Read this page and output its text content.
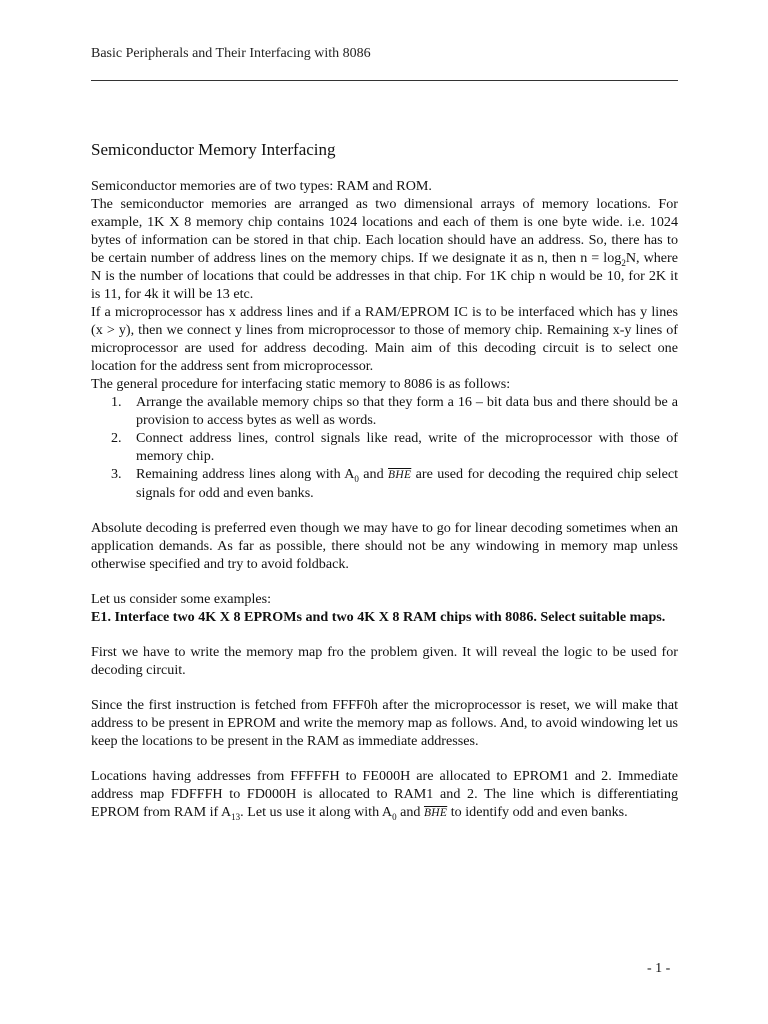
Basic Peripherals and Their Interfacing with 8086
Semiconductor Memory Interfacing

Semiconductor memories are of two types: RAM and ROM.

The semiconductor memories are arranged as two dimensional arrays of memory locations. For example, 1K X 8 memory chip contains 1024 locations and each of them is one byte wide. i.e. 1024 bytes of information can be stored in that chip. Each location should have an address. So, there has to be certain number of address lines on the memory chips. If we designate it as n, then $n = \log_2N$, where N is the number of locations that could be addresses in that chip. For 1K chip n would be 10, for 2K it is 11, for 4k it will be 13 etc.

If a microprocessor has x address lines and if a RAM/EPROM IC is to be interfaced which has y lines (x > y), then we connect y lines from microprocessor to those of memory chip. Remaining x-y lines of microprocessor are used for address decoding. Main aim of this decoding circuit is to select one location for the address sent from microprocessor.

The general procedure for interfacing static memory to 8086 is as follows:

1. Arrange the available memory chips so that they form a 16 – bit data bus and there should be a provision to access bytes as well as words.
2. Connect address lines, control signals like read, write of the microprocessor with those of memory chip.
3. Remaining address lines along with $A_0$ and $\overline{BHE}$ are used for decoding the required chip select signals for odd and even banks.

Absolute decoding is preferred even though we may have to go for linear decoding sometimes when an application demands. As far as possible, there should not be any windowing in memory map unless otherwise specified and try to avoid foldback.

Let us consider some examples:

E1. Interface two 4K X 8 EPROMs and two 4K X 8 RAM chips with 8086. Select suitable maps.

First we have to write the memory map fro the problem given. It will reveal the logic to be used for decoding circuit.

Since the first instruction is fetched from FFFF0h after the microprocessor is reset, we will make that address to be present in EPROM and write the memory map as follows. And, to avoid windowing let us keep the locations to be present in the RAM as immediate addresses.

Locations having addresses from FFFFFH to FE000H are allocated to EPROM1 and 2. Immediate address map FDFFFH to FD000H is allocated to RAM1 and 2. The line which is differentiating EPROM from RAM if $A_{13}$. Let us use it along with $A_0$ and $\overline{BHE}$ to identify odd and even banks.

- 1 -
